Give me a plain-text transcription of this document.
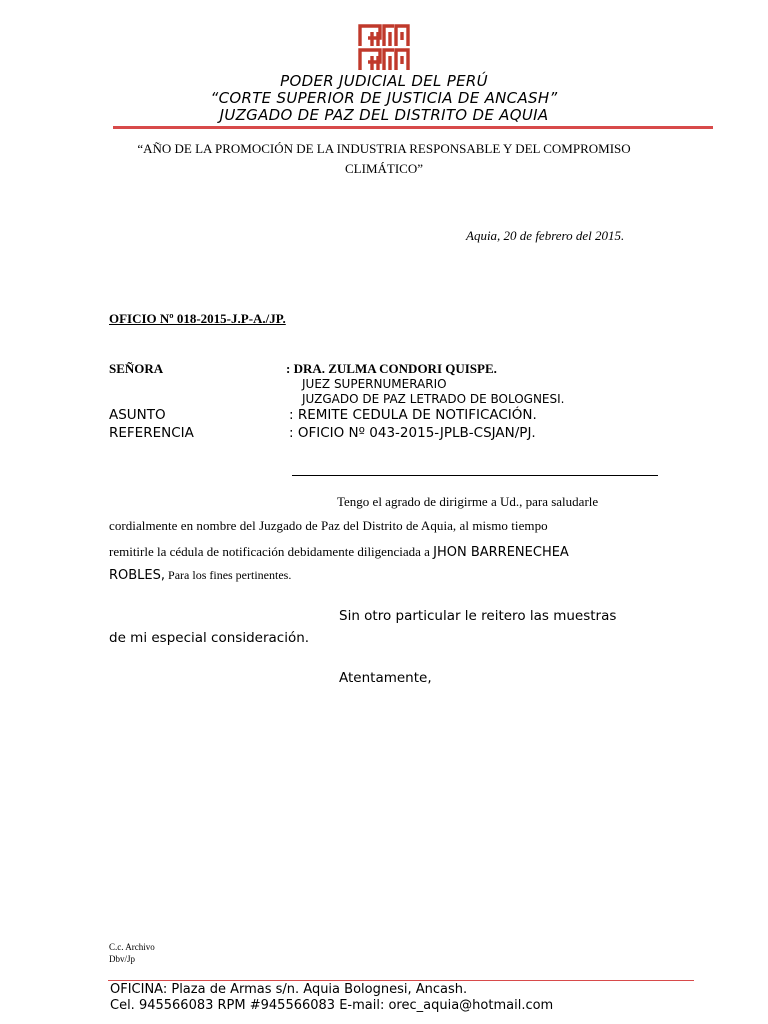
PODER JUDICIAL DEL PERÚ
“CORTE SUPERIOR DE JUSTICIA DE ANCASH”
JUZGADO DE PAZ DEL DISTRITO DE AQUIA
“AÑO DE LA PROMOCIÓN DE LA INDUSTRIA RESPONSABLE Y DEL COMPROMISO
CLIMÁTICO”
Aquia, 20 de febrero del 2015.
OFICIO Nº 018-2015-J.P-A./JP.
SEÑORA	: DRA. ZULMA CONDORI QUISPE.
JUEZ SUPERNUMERARIO
JUZGADO DE PAZ LETRADO DE BOLOGNESI.
ASUNTO	: REMITE CEDULA DE NOTIFICACIÓN.
REFERENCIA	: OFICIO Nº 043-2015-JPLB-CSJAN/PJ.
Tengo el agrado de dirigirme a Ud., para saludarle
cordialmente en nombre del Juzgado de Paz del Distrito de Aquia, al mismo tiempo
remitirle la cédula de notificación debidamente diligenciada a JHON BARRENECHEA
ROBLES, Para los fines pertinentes.
Sin otro particular le reitero las muestras
de mi especial consideración.
Atentamente,
C.c. Archivo
Dbv/Jp
OFICINA: Plaza de Armas s/n. Aquia Bolognesi, Ancash.
Cel. 945566083 RPM #945566083 E-mail: orec_aquia@hotmail.com
